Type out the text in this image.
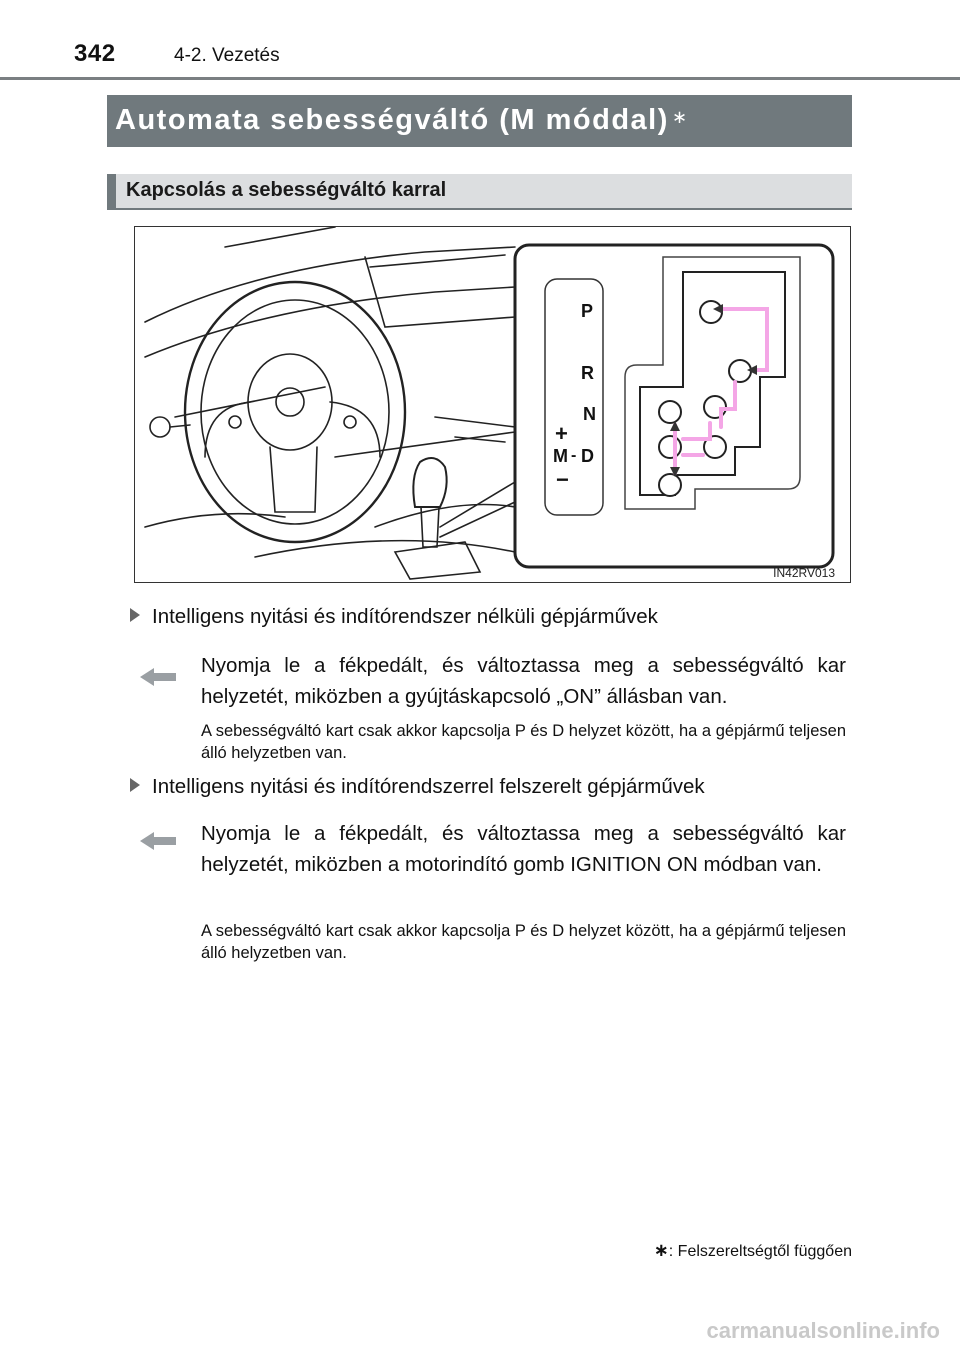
342	4-2. Vezetés
Automata sebességváltó (M móddal) ∗
Kapcsolás a sebességváltó karral
P
R
N
D
M -
+
−
IN42RV013
Intelligens nyitási és indítórendszer nélküli gépjárművek
Nyomja le a fékpedált, és változtassa meg a sebességváltó kar helyzetét, miközben a gyújtáskapcsoló „ON” állásban van.
A sebességváltó kart csak akkor kapcsolja P és D helyzet között, ha a gépjármű teljesen álló helyzetben van.
Intelligens nyitási és indítórendszerrel felszerelt gépjárművek
Nyomja le a fékpedált, és változtassa meg a sebességváltó kar helyzetét, miközben a motorindító gomb IGNITION ON módban van.
A sebességváltó kart csak akkor kapcsolja P és D helyzet között, ha a gépjármű teljesen álló helyzetben van.
∗: Felszereltségtől függően
carmanualsonline.info
